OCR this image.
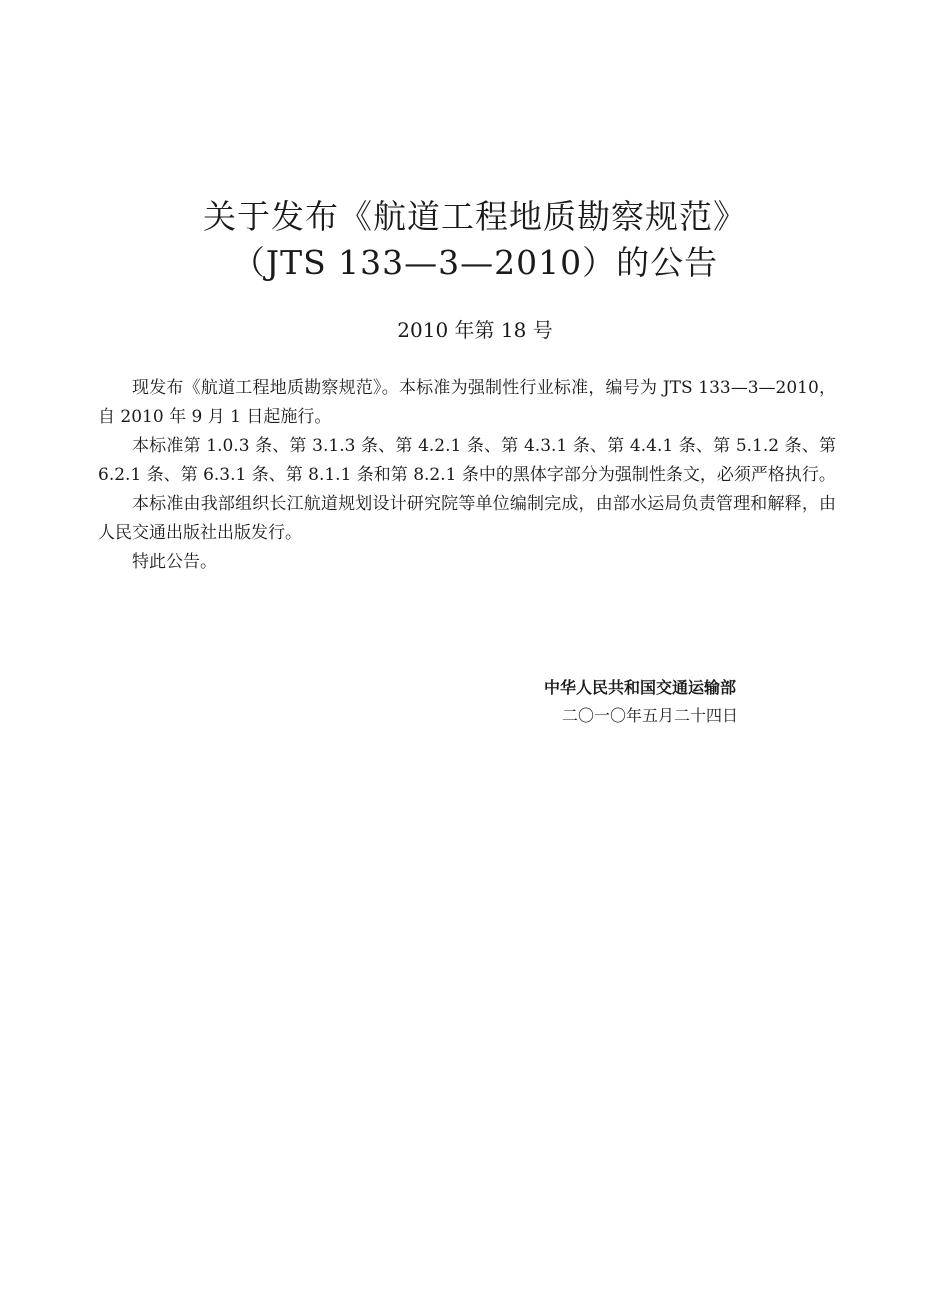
关于发布《航道工程地质勘察规范》
（JTS 133—3—2010）的公告
2010 年第 18 号

现发布《航道工程地质勘察规范》。本标准为强制性行业标准，编号为 JTS 133—3—2010，自 2010 年 9 月 1 日起施行。

本标准第 1.0.3 条、第 3.1.3 条、第 4.2.1 条、第 4.3.1 条、第 4.4.1 条、第 5.1.2 条、第 6.2.1 条、第 6.3.1 条、第 8.1.1 条和第 8.2.1 条中的黑体字部分为强制性条文，必须严格执行。

本标准由我部组织长江航道规划设计研究院等单位编制完成，由部水运局负责管理和解释，由人民交通出版社出版发行。

特此公告。

中华人民共和国交通运输部
二〇一〇年五月二十四日
